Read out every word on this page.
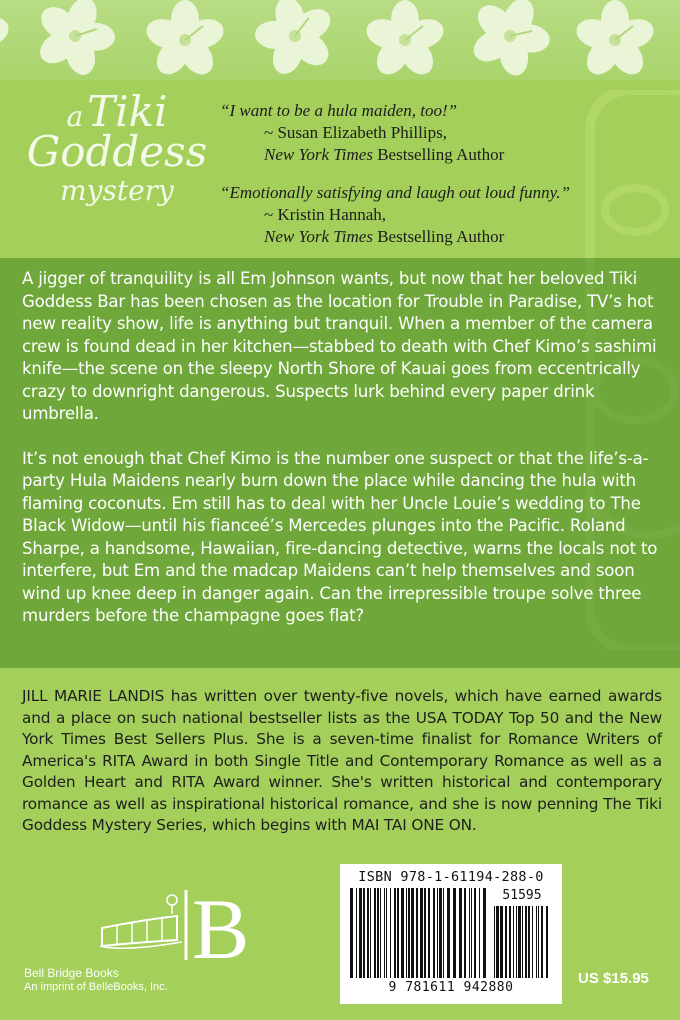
aTiki
Goddess
mystery
“I want to be a hula maiden, too!”
~ Susan Elizabeth Phillips,
New York Times Bestselling Author
“Emotionally satisfying and laugh out loud funny.”
~ Kristin Hannah,
New York Times Bestselling Author

A jigger of tranquility is all Em Johnson wants, but now that her beloved Tiki Goddess Bar has been chosen as the location for Trouble in Paradise, TV’s hot new reality show, life is anything but tranquil. When a member of the camera crew is found dead in her kitchen—stabbed to death with Chef Kimo’s sashimi knife—the scene on the sleepy North Shore of Kauai goes from eccentrically crazy to downright dangerous. Suspects lurk behind every paper drink umbrella.

It’s not enough that Chef Kimo is the number one suspect or that the life’s-a-party Hula Maidens nearly burn down the place while dancing the hula with flaming coconuts. Em still has to deal with her Uncle Louie’s wedding to The Black Widow—until his fianceé’s Mercedes plunges into the Pacific. Roland Sharpe, a handsome, Hawaiian, fire-dancing detective, warns the locals not to interfere, but Em and the madcap Maidens can’t help themselves and soon wind up knee deep in danger again. Can the irrepressible troupe solve three murders before the champagne goes flat?

JILL MARIE LANDIS has written over twenty-five novels, which have earned awards and a place on such national bestseller lists as the USA TODAY Top 50 and the New York Times Best Sellers Plus. She is a seven-time finalist for Romance Writers of America's RITA Award in both Single Title and Contemporary Romance as well as a Golden Heart and RITA Award winner. She's written historical and contemporary romance as well as inspirational historical romance, and she is now penning The Tiki Goddess Mystery Series, which begins with MAI TAI ONE ON.
B
Bell Bridge Books
An imprint of BelleBooks, Inc.
ISBN 978-1-61194-288-0
51595
9 781611 942880
US $15.95
